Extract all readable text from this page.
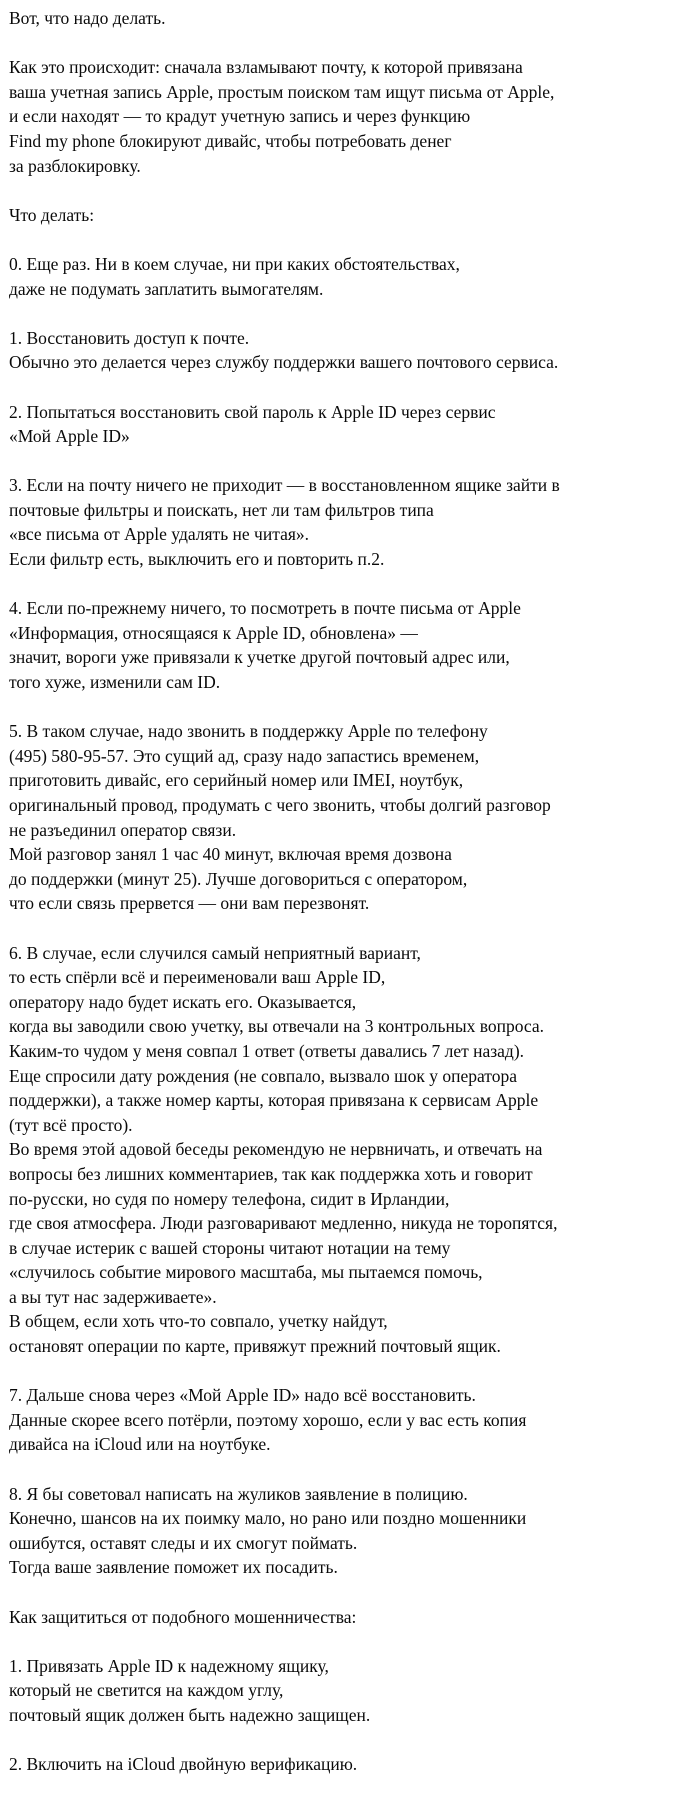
Вот, что надо делать.
Как это происходит: сначала взламывают почту, к которой привязана
ваша учетная запись Apple, простым поиском там ищут письма от Apple,
и если находят — то крадут учетную запись и через функцию
Find my phone блокируют дивайс, чтобы потребовать денег
за разблокировку.
Что делать:
0. Еще раз. Ни в коем случае, ни при каких обстоятельствах,
даже не подумать заплатить вымогателям.
1. Восстановить доступ к почте.
Обычно это делается через службу поддержки вашего почтового сервиса.
2. Попытаться восстановить свой пароль к Apple ID через сервис
«Мой Apple ID»
3. Если на почту ничего не приходит — в восстановленном ящике зайти в
почтовые фильтры и поискать, нет ли там фильтров типа
«все письма от Apple удалять не читая».
Если фильтр есть, выключить его и повторить п.2.
4. Если по-прежнему ничего, то посмотреть в почте письма от Apple
«Информация, относящаяся к Apple ID, обновлена» —
значит, вороги уже привязали к учетке другой почтовый адрес или,
того хуже, изменили сам ID.
5. В таком случае, надо звонить в поддержку Apple по телефону
(495) 580-95-57. Это сущий ад, сразу надо запастись временем,
приготовить дивайс, его серийный номер или IMEI, ноутбук,
оригинальный провод, продумать с чего звонить, чтобы долгий разговор
не разъединил оператор связи.
Мой разговор занял 1 час 40 минут, включая время дозвона
до поддержки (минут 25). Лучше договориться с оператором,
что если связь прервется — они вам перезвонят.
6. В случае, если случился самый неприятный вариант,
то есть спёрли всё и переименовали ваш Apple ID,
оператору надо будет искать его. Оказывается,
когда вы заводили свою учетку, вы отвечали на 3 контрольных вопроса.
Каким-то чудом у меня совпал 1 ответ (ответы давались 7 лет назад).
Еще спросили дату рождения (не совпало, вызвало шок у оператора
поддержки), а также номер карты, которая привязана к сервисам Apple
(тут всё просто).
Во время этой адовой беседы рекомендую не нервничать, и отвечать на
вопросы без лишних комментариев, так как поддержка хоть и говорит
по-русски, но судя по номеру телефона, сидит в Ирландии,
где своя атмосфера. Люди разговаривают медленно, никуда не торопятся,
в случае истерик с вашей стороны читают нотации на тему
«случилось событие мирового масштаба, мы пытаемся помочь,
а вы тут нас задерживаете».
В общем, если хоть что-то совпало, учетку найдут,
остановят операции по карте, привяжут прежний почтовый ящик.
7. Дальше снова через «Мой Apple ID» надо всё восстановить.
Данные скорее всего потёрли, поэтому хорошо, если у вас есть копия
дивайса на iCloud или на ноутбуке.
8. Я бы советовал написать на жуликов заявление в полицию.
Конечно, шансов на их поимку мало, но рано или поздно мошенники
ошибутся, оставят следы и их смогут поймать.
Тогда ваше заявление поможет их посадить.
Как защититься от подобного мошенничества:
1. Привязать Apple ID к надежному ящику,
который не светится на каждом углу,
почтовый ящик должен быть надежно защищен.
2. Включить на iCloud двойную верификацию.
